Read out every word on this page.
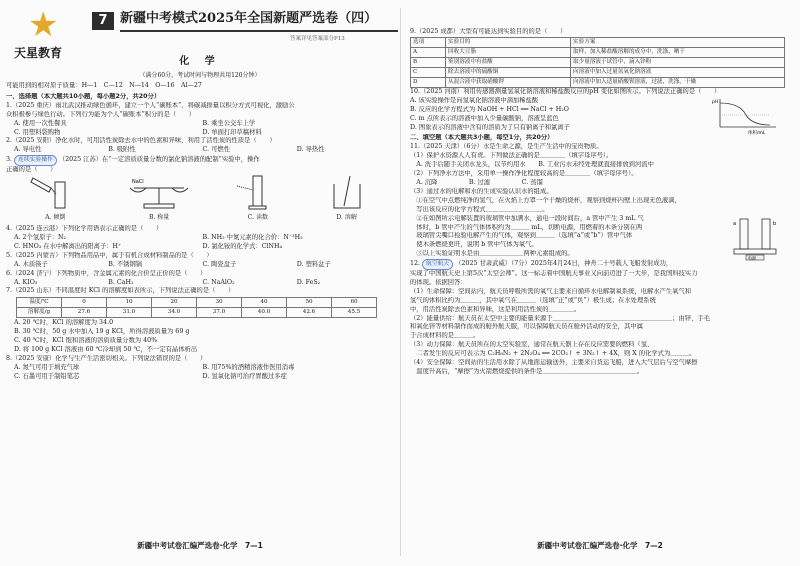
★
天星教育
7 新疆中考模式2025年全国新题严选卷（四）
答案详见答案部分P13
化 学
（满分60分，考试时间与物理共用120分钟）

可能用到的相对原子质量：H—1　C—12　N—14　O—16　Al—27

一、选择题（本大题共10小题，每小题2分，共20分）

1.（2025 重庆）雨北武汉推动绿色循环，建立一个人“碳账本”，将碳减排量以积分方式可视化，激励公

众积极参与绿色行动。下列行为能为个人“碳账本”积分的是（　　）

A. 使用一次性餐具	B. 乘坐公交车上学
C. 用塑料袋购物	D. 单面打印草稿材料

2.（2025 安阳）净化水时，可用活性炭除去水中的色素和异味，利用了活性炭的性质是（　　）

A. 导电性	B. 吸附性	C. 可燃性	D. 导热性

3. 连续实验操作 （2025 江苏）在“一定溶质质量分数的氯化钠溶液的配制”实验中，操作

正确的是（　　）

A. 倾倒
NaCl
B. 称量	C. 读数	D. 溶解

4.（2025 连云港）下列化学用语表示正确的是（　　）

A. 2个氢原子：N₂	B. NH₃ 中氮元素的化合价：N⁻³H₃
C. HNO₃ 在水中解离出的阳离子：H⁺	D. 氯化铵的化学式：ClNH₄

5.（2025 内蒙古）下列物品用品中，属于有机合成材料制品的是（　　）

A. 木质筷子	B. 不锈钢锅	C. 陶瓷盘子	D. 塑料盆子

6.（2024 济宁）下列物质中，含金属元素的化合价呈正价的是（　　）

A. KIO₃	B. CaH₂	C. NaAlO₂	D. FeS₂

7.（2025 山东）不同温度时 KCl 的溶解度如表所示，下列说法正确的是（　　）

温度/℃	0	10	20	30	40	50	60
溶解度/g	27.6	31.0	34.0	37.0	40.0	42.6	45.5

A. 20 ℃时，KCl 的溶解度为 34.0

B. 30 ℃时，50 g 水中加入 19 g KCl，所得溶液质量为 69 g

C. 40 ℃时，KCl 饱和溶液的溶质质量分数为 40%

D. 将 100 g KCl 溶液由 60 ℃冷却到 50 ℃，不一定有晶体析出

8.（2025 安康）化学与生产生活密切相关。下列说法错误的是（　　）

A. 氮气可用于填充气球	B. 用75%的酒精溶液作医用消毒
C. 石墨可用于制铅笔芯	D. 氢氧化钠可治疗胃酸过多症

9.（2025 成都）大型有可能达到实验目的的是（　　）

选项	实验目的	实验方案
A	回收大豆脂	取样，加入稀盐酸溶解的成分中，洗涤、晒干
B	鉴别溶液中有盐酸	取少量溶液于试管中，滴入锌粉
C	除去溶液中的硫酸铜	向溶液中加入过量氢氧化钠溶液
D	从混合液中获取硝酸钾	向溶液中加入适量硝酸钡溶液，过滤，洗涤，干燥

10.（2025 河南）利用传感器测量氢氧化钠溶液和稀盐酸反应的pH 变化如图所示。下列说法正确的是（　　）

A. 该实验操作是向氢氧化钠溶液中滴加稀盐酸

B. 反应的化学方程式为 NaOH + HCl ══ NaCl + H₂O

C. m 点所表示的溶液中加入少量碳酸钠，溶液呈蓝色

D. 图象表示的溶液中含有的溶质为了只有钠离子和氯离子

pH
体积/mL

二、填空题（本大题共3小题，每空1分，共20分）

11.（2025 天津）（6分）水是生命之源，是生产生活中的宝贵物质。

（1）保护水资源人人有责。下列做法正确的是＿＿＿＿（填字母序号）。

　A. 洗手后随手关闭水龙头，以节约用水　　B. 工业污水未经处理就直接排放到河流中

（2）下列净水方法中，采用单一操作净化程度较高的是＿＿＿＿（填字母序号）。

　A. 沉降　　　　　B. 过滤　　　　　C. 蒸馏

（3）通过水的电解和水的生成实验认识水的组成。

　①在空气中点燃纯净的氢气，在火焰上方罩一个干燥的烧杯，观察到烧杯内壁上出现无色液滴，

　写出该反应的化学方程式＿＿＿＿＿＿＿＿＿。

　②在如图所示电解装置的玻璃管中加满水，通电一段时间后，a 管中产生 3 mL 气

　体时，b 管中产生的气体体积约为＿＿＿ mL，切断电源，用燃着的木条分别在两

　玻璃管尖嘴口检验电解产生的气体，观察到＿＿＿（选填“a”或“b”）管中气体

　使木条燃烧更旺，说明 b 管中气体为氧气。

　③以上实验证明水是由＿＿＿＿＿＿＿两种元素组成的。

a	b
电源

12. 航空航天 （2025 甘肃武威）（7分）2025年4月24日，神舟二十号载人飞船发射成功，

实现了中国航天史上第5次“太空会师”。这一标志着中国航天事业又向前迈进了一大步，是我国科技实力

的体现。依据回答：

（1）生命保障：空间站内，航天员呼吸所需的氧气主要来自循环水电解制氧系统，电解水产生氧气和

氢气的体积比约为＿＿＿，其中氧气在＿＿＿（选填“正”或“负”）极生成；在水处理系统

中，用活性炭除去色素和异味，这是利用活性炭的＿＿＿＿。

（2）能量供给：航天员在太空中主要的能量来源于＿＿＿＿＿＿＿＿＿＿＿＿＿＿＿＿＿＿＿；由锌、手毛

和氧化锌等材料制作而成的舱外航天服，可以保障航天员在舱外活动的安全，其中属

于合成材料的是＿＿＿。

（3）动力保障：航天员所在的太空实验室，通常在航天器上存在反应需要的燃料（氢、

　二者发生的反应可表示为 C₂H₈N₂ + 2N₂O₄ ══ 2CO₂↑ + 3N₂↑ + 4X，则 X 的化学式为＿＿＿。

（4）安全保障：空间站的生活用水除了从地面运输送外，主要来自货运飞船，进入大气层后与空气摩擦

　温度升高后，“摩擦”为火箭燃烧提供的条件是＿＿＿＿＿＿＿＿＿＿＿＿＿＿＿。

新疆中考试卷汇编严选卷·化学　7—1	新疆中考试卷汇编严选卷·化学　7—2
